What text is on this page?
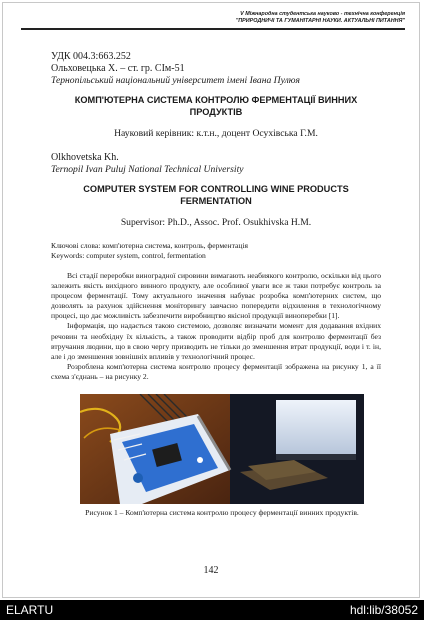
V Міжнародна студентська науково - технічна конференція
"ПРИРОДНИЧІ ТА ГУМАНІТАРНІ НАУКИ. АКТУАЛЬНІ ПИТАННЯ"

УДК 004.3:663.252

Ольховецька Х. – ст. гр. СІм-51

Тернопільський національний університет імені Івана Пулюя

КОМП'ЮТЕРНА СИСТЕМА КОНТРОЛЮ ФЕРМЕНТАЦІЇ ВИННИХ ПРОДУКТІВ

Науковий керівник: к.т.н., доцент Осухівська Г.М.

Olkhovetska Kh.

Ternopil Ivan Puluj National Technical University

COMPUTER SYSTEM FOR CONTROLLING WINE PRODUCTS FERMENTATION

Supervisor: Ph.D., Assoc. Prof. Osukhivska H.M.

Ключові слова: комп'ютерна система, контроль, ферментація

Keywords: computer system, control, fermentation

Всі стадії переробки виноградної сировини вимагають неабиякого контролю, оскільки від цього залежить якість вихідного винного продукту, але особливої уваги все ж таки потребує контроль за процесом ферментації. Тому актуального значення набуває розробка комп'ютерних систем, що дозволять за рахунок здійснення моніторингу завчасно попередити відхилення в технологічному процесі, що дає можливість забезпечити виробництво якісної продукції виноперебки [1].

Інформація, що надається такою системою, дозволяє визначати момент для додавання вхідних речовин та необхідну їх кількість, а також проводити відбір проб для контролю ферментації без втручання людини, що в свою чергу призводить не тільки до зменшення втрат продукції, води і т. ін, але і до зменшення зовнішніх впливів у технологічний процес.

Розроблена комп'ютерна система контролю процесу ферментації зображена на рисунку 1, а її схема з'єднань – на рисунку 2.

Рисунок 1 – Комп'ютерна система контролю процесу ферментації винних продуктів.
142
ELARTU	hdl:lib/38052
